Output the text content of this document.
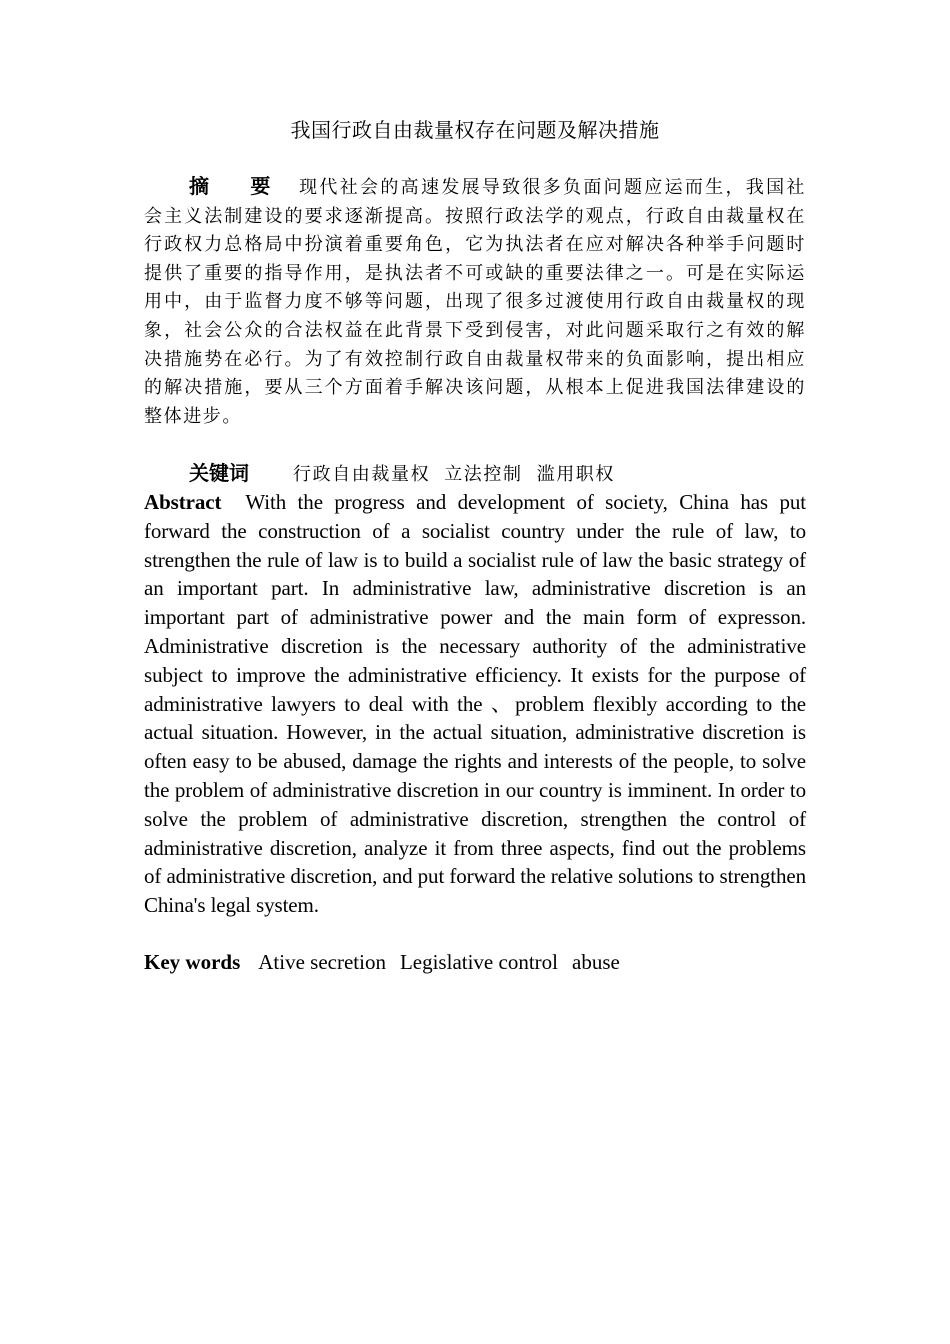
我国行政自由裁量权存在问题及解决措施
摘　要 现代社会的高速发展导致很多负面问题应运而生，我国社会主义法制建设的要求逐渐提高。按照行政法学的观点，行政自由裁量权在行政权力总格局中扮演着重要角色，它为执法者在应对解决各种举手问题时提供了重要的指导作用，是执法者不可或缺的重要法律之一。可是在实际运用中，由于监督力度不够等问题，出现了很多过渡使用行政自由裁量权的现象，社会公众的合法权益在此背景下受到侵害，对此问题采取行之有效的解决措施势在必行。为了有效控制行政自由裁量权带来的负面影响，提出相应的解决措施，要从三个方面着手解决该问题，从根本上促进我国法律建设的整体进步。
关键词 行政自由裁量权 立法控制 滥用职权
Abstract With the progress and development of society, China has put forward the construction of a socialist country under the rule of law, to strengthen the rule of law is to build a socialist rule of law the basic strategy of an important part. In administrative law, administrative discretion is an important part of administrative power and the main form of expresson. Administrative discretion is the necessary authority of the administrative subject to improve the administrative efficiency. It exists for the purpose of administrative lawyers to deal with the 、problem flexibly according to the actual situation. However, in the actual situation, administrative discretion is often easy to be abused, damage the rights and interests of the people, to solve the problem of administrative discretion in our country is imminent. In order to solve the problem of administrative discretion, strengthen the control of administrative discretion, analyze it from three aspects, find out the problems of administrative discretion, and put forward the relative solutions to strengthen China's legal system.
Key words Ative secretion Legislative control abuse
